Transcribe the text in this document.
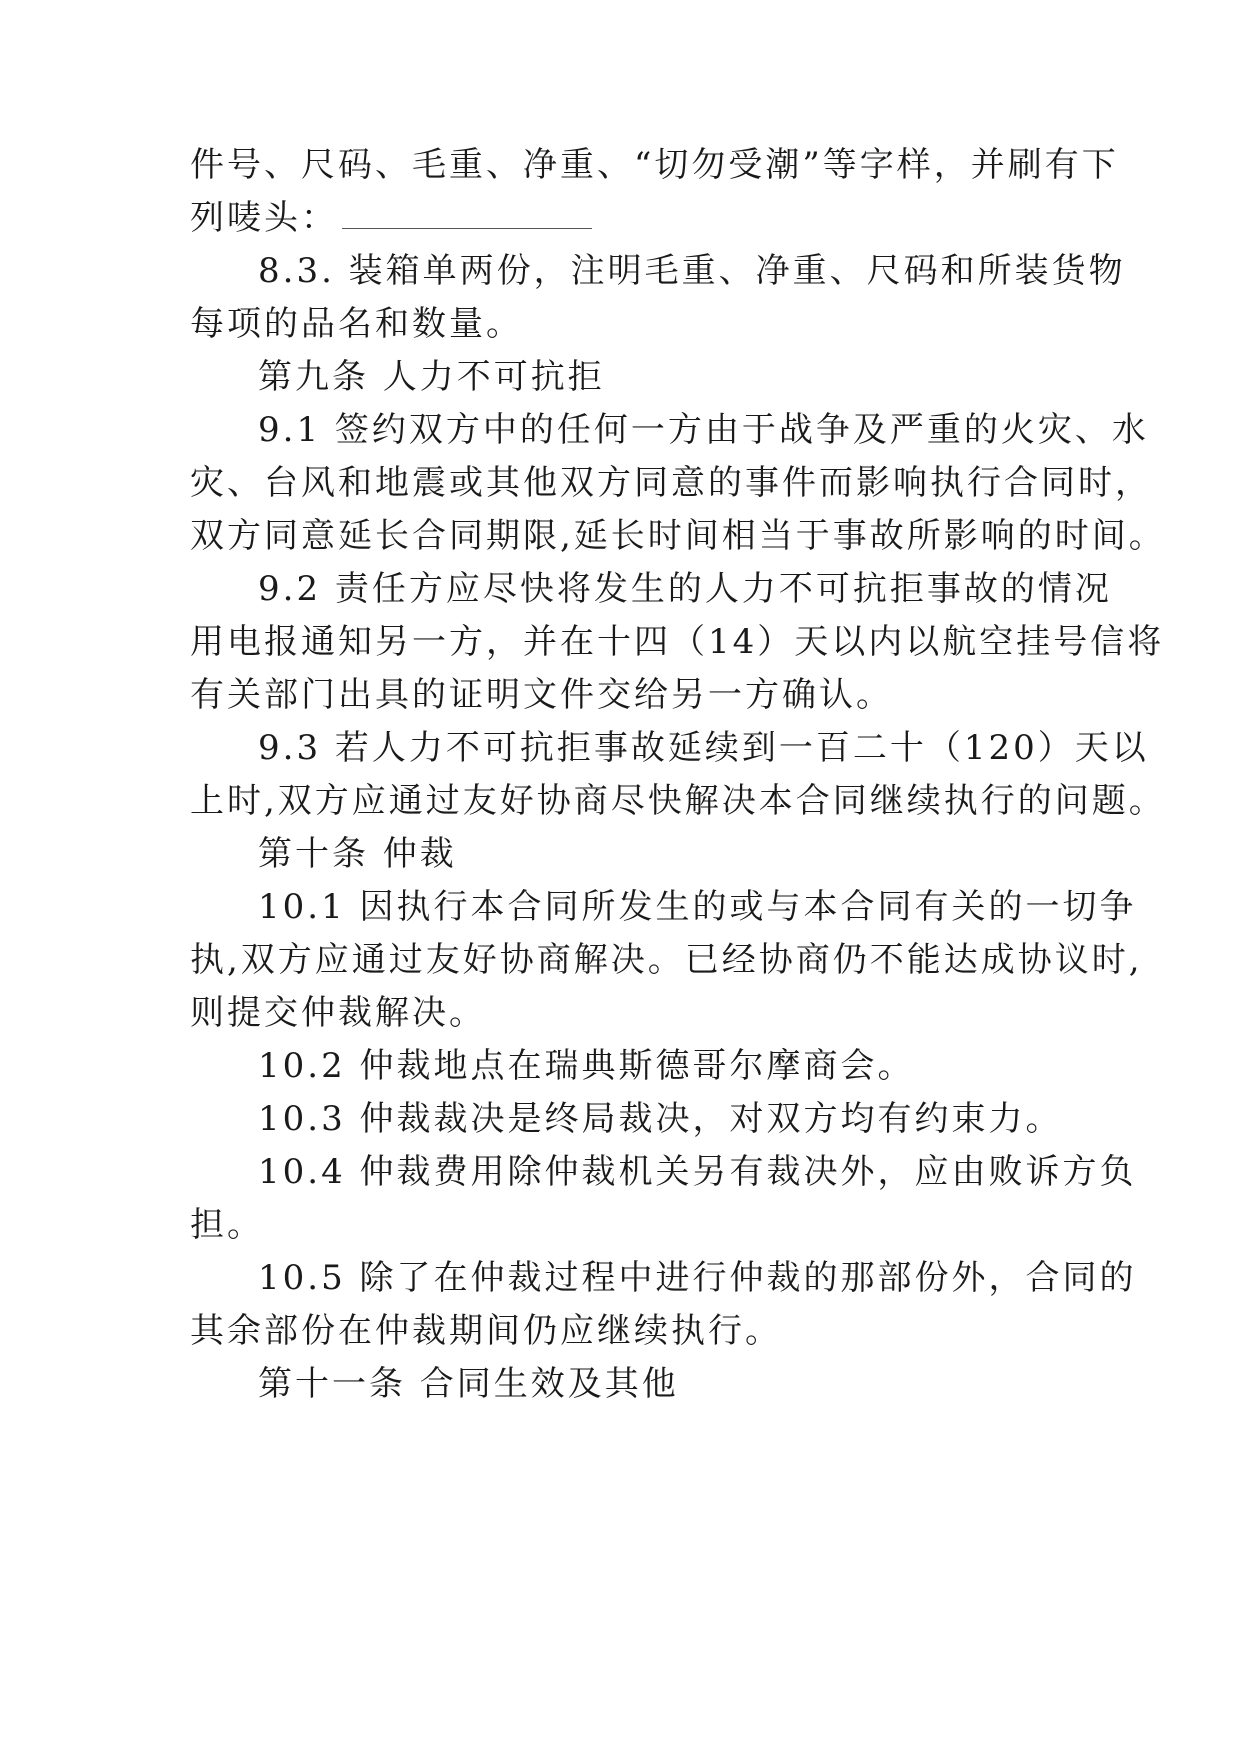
件号、尺码、毛重、净重、“切勿受潮”等字样，并刷有下
列唛头：
8.3. 装箱单两份，注明毛重、净重、尺码和所装货物
每项的品名和数量。
第九条 人力不可抗拒
9.1 签约双方中的任何一方由于战争及严重的火灾、水
灾、台风和地震或其他双方同意的事件而影响执行合同时，
双方同意延长合同期限,延长时间相当于事故所影响的时间。
9.2 责任方应尽快将发生的人力不可抗拒事故的情况
用电报通知另一方，并在十四（14）天以内以航空挂号信将
有关部门出具的证明文件交给另一方确认。
9.3 若人力不可抗拒事故延续到一百二十（120）天以
上时,双方应通过友好协商尽快解决本合同继续执行的问题。
第十条 仲裁
10.1 因执行本合同所发生的或与本合同有关的一切争
执,双方应通过友好协商解决。已经协商仍不能达成协议时,
则提交仲裁解决。
10.2 仲裁地点在瑞典斯德哥尔摩商会。
10.3 仲裁裁决是终局裁决，对双方均有约束力。
10.4 仲裁费用除仲裁机关另有裁决外，应由败诉方负
担。
10.5 除了在仲裁过程中进行仲裁的那部份外，合同的
其余部份在仲裁期间仍应继续执行。
第十一条 合同生效及其他
